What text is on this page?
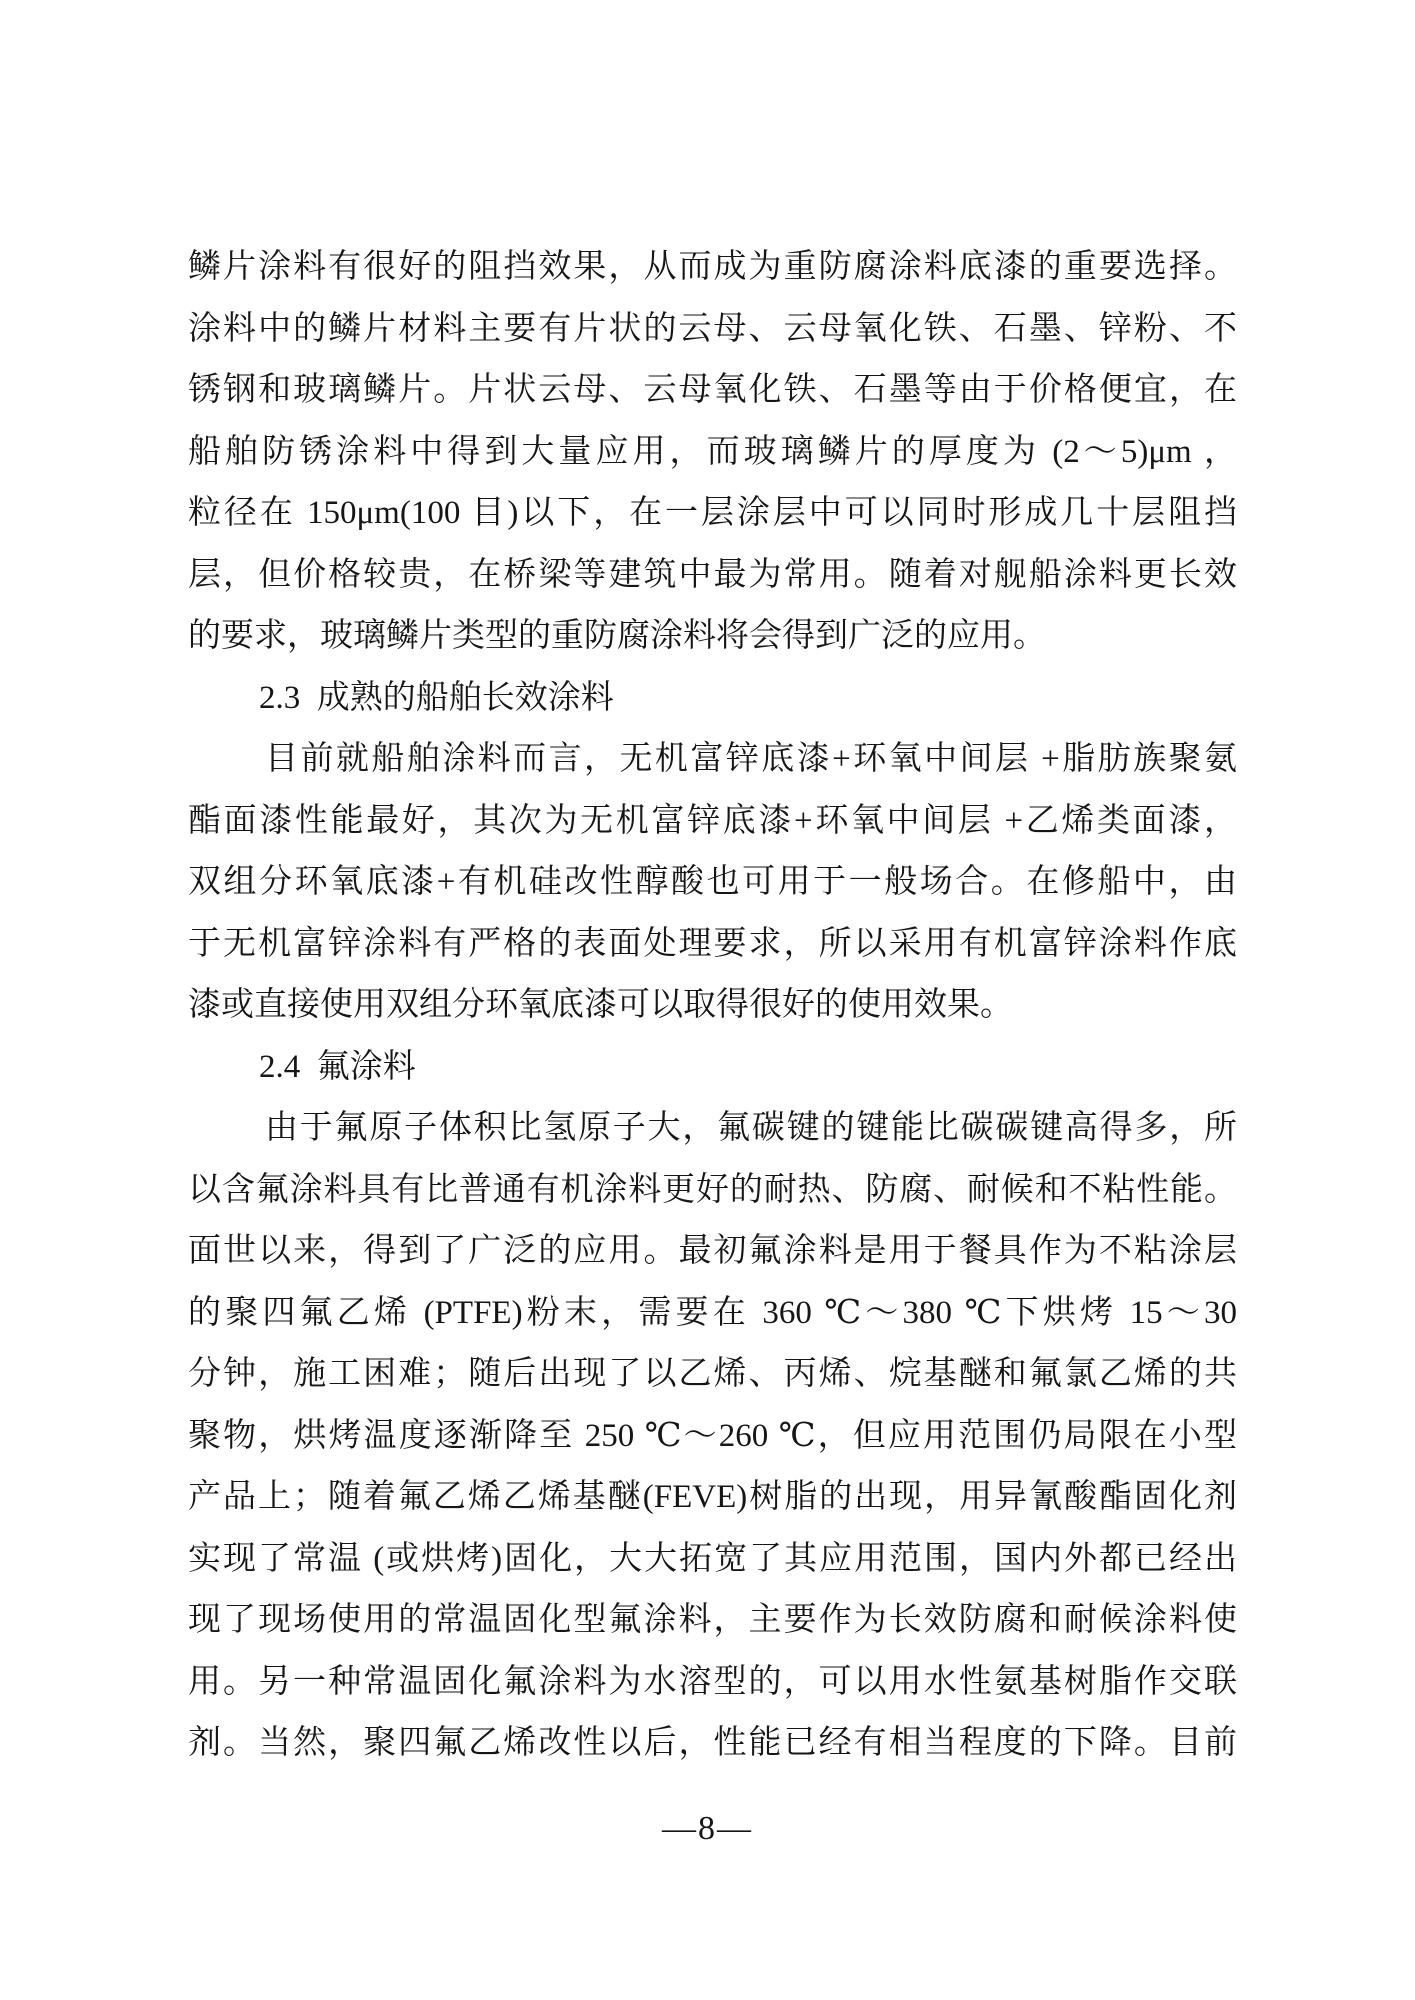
鳞片涂料有很好的阻挡效果，从而成为重防腐涂料底漆的重要选择。
涂料中的鳞片材料主要有片状的云母、云母氧化铁、石墨、锌粉、不
锈钢和玻璃鳞片。片状云母、云母氧化铁、石墨等由于价格便宜，在
船舶防锈涂料中得到大量应用，而玻璃鳞片的厚度为 (2～5)μm ，
粒径在 150μm(100 目)以下，在一层涂层中可以同时形成几十层阻挡
层，但价格较贵，在桥梁等建筑中最为常用。随着对舰船涂料更长效
的要求，玻璃鳞片类型的重防腐涂料将会得到广泛的应用。
2.3  成熟的船舶长效涂料
目前就船舶涂料而言，无机富锌底漆+环氧中间层 +脂肪族聚氨
酯面漆性能最好，其次为无机富锌底漆+环氧中间层 +乙烯类面漆，
双组分环氧底漆+有机硅改性醇酸也可用于一般场合。在修船中，由
于无机富锌涂料有严格的表面处理要求，所以采用有机富锌涂料作底
漆或直接使用双组分环氧底漆可以取得很好的使用效果。
2.4  氟涂料
由于氟原子体积比氢原子大，氟碳键的键能比碳碳键高得多，所
以含氟涂料具有比普通有机涂料更好的耐热、防腐、耐候和不粘性能。
面世以来，得到了广泛的应用。最初氟涂料是用于餐具作为不粘涂层
的聚四氟乙烯 (PTFE)粉末，需要在 360 ℃～380 ℃下烘烤 15～30
分钟，施工困难；随后出现了以乙烯、丙烯、烷基醚和氟氯乙烯的共
聚物，烘烤温度逐渐降至 250 ℃～260 ℃，但应用范围仍局限在小型
产品上；随着氟乙烯乙烯基醚(FEVE)树脂的出现，用异氰酸酯固化剂
实现了常温 (或烘烤)固化，大大拓宽了其应用范围，国内外都已经出
现了现场使用的常温固化型氟涂料，主要作为长效防腐和耐候涂料使
用。另一种常温固化氟涂料为水溶型的，可以用水性氨基树脂作交联
剂。当然，聚四氟乙烯改性以后，性能已经有相当程度的下降。目前
—8—
